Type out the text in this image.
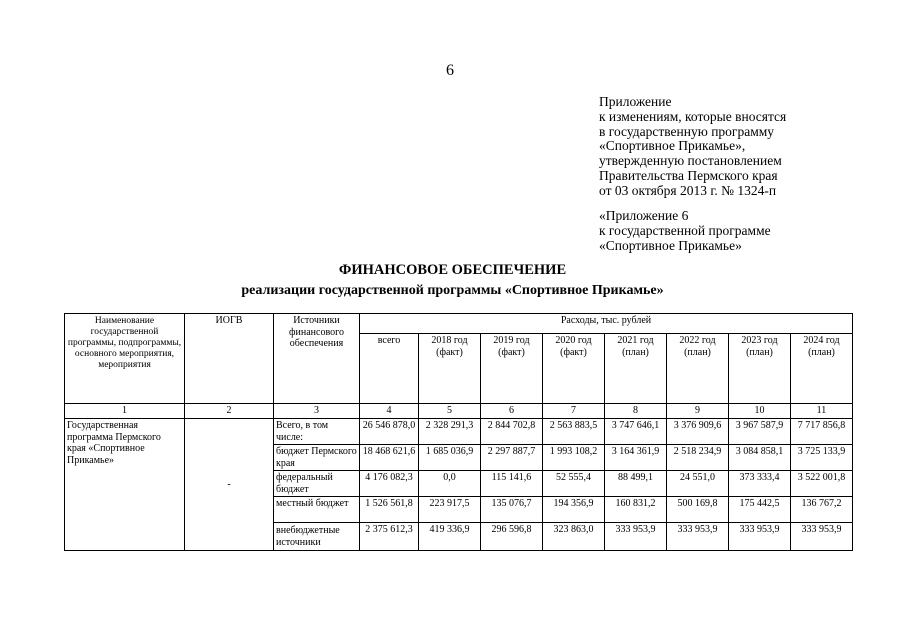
6
Приложение
к изменениям, которые вносятся
в государственную программу
«Спортивное Прикамье»,
утвержденную постановлением
Правительства Пермского края
от 03 октября 2013 г. № 1324-п
«Приложение 6
к государственной программе
«Спортивное Прикамье»
ФИНАНСОВОЕ ОБЕСПЕЧЕНИЕ
реализации государственной программы «Спортивное Прикамье»
Наименование государственной программы, подпрограммы, основного мероприятия, мероприятия	ИОГВ	Источники финансового обеспечения	Расходы, тыс. рублей							
			всего	2018 год (факт)	2019 год (факт)	2020 год (факт)	2021 год (план)	2022 год (план)	2023 год (план)	2024 год (план)
1	2	3	4	5	6	7	8	9	10	11
Государственная программа Пермского края «Спортивное Прикамье»	-	Всего, в том числе:	26 546 878,0	2 328 291,3	2 844 702,8	2 563 883,5	3 747 646,1	3 376 909,6	3 967 587,9	7 717 856,8
		бюджет Пермского края	18 468 621,6	1 685 036,9	2 297 887,7	1 993 108,2	3 164 361,9	2 518 234,9	3 084 858,1	3 725 133,9
		федеральный бюджет	4 176 082,3	0,0	115 141,6	52 555,4	88 499,1	24 551,0	373 333,4	3 522 001,8
		местный бюджет	1 526 561,8	223 917,5	135 076,7	194 356,9	160 831,2	500 169,8	175 442,5	136 767,2
		внебюджетные источники	2 375 612,3	419 336,9	296 596,8	323 863,0	333 953,9	333 953,9	333 953,9	333 953,9
